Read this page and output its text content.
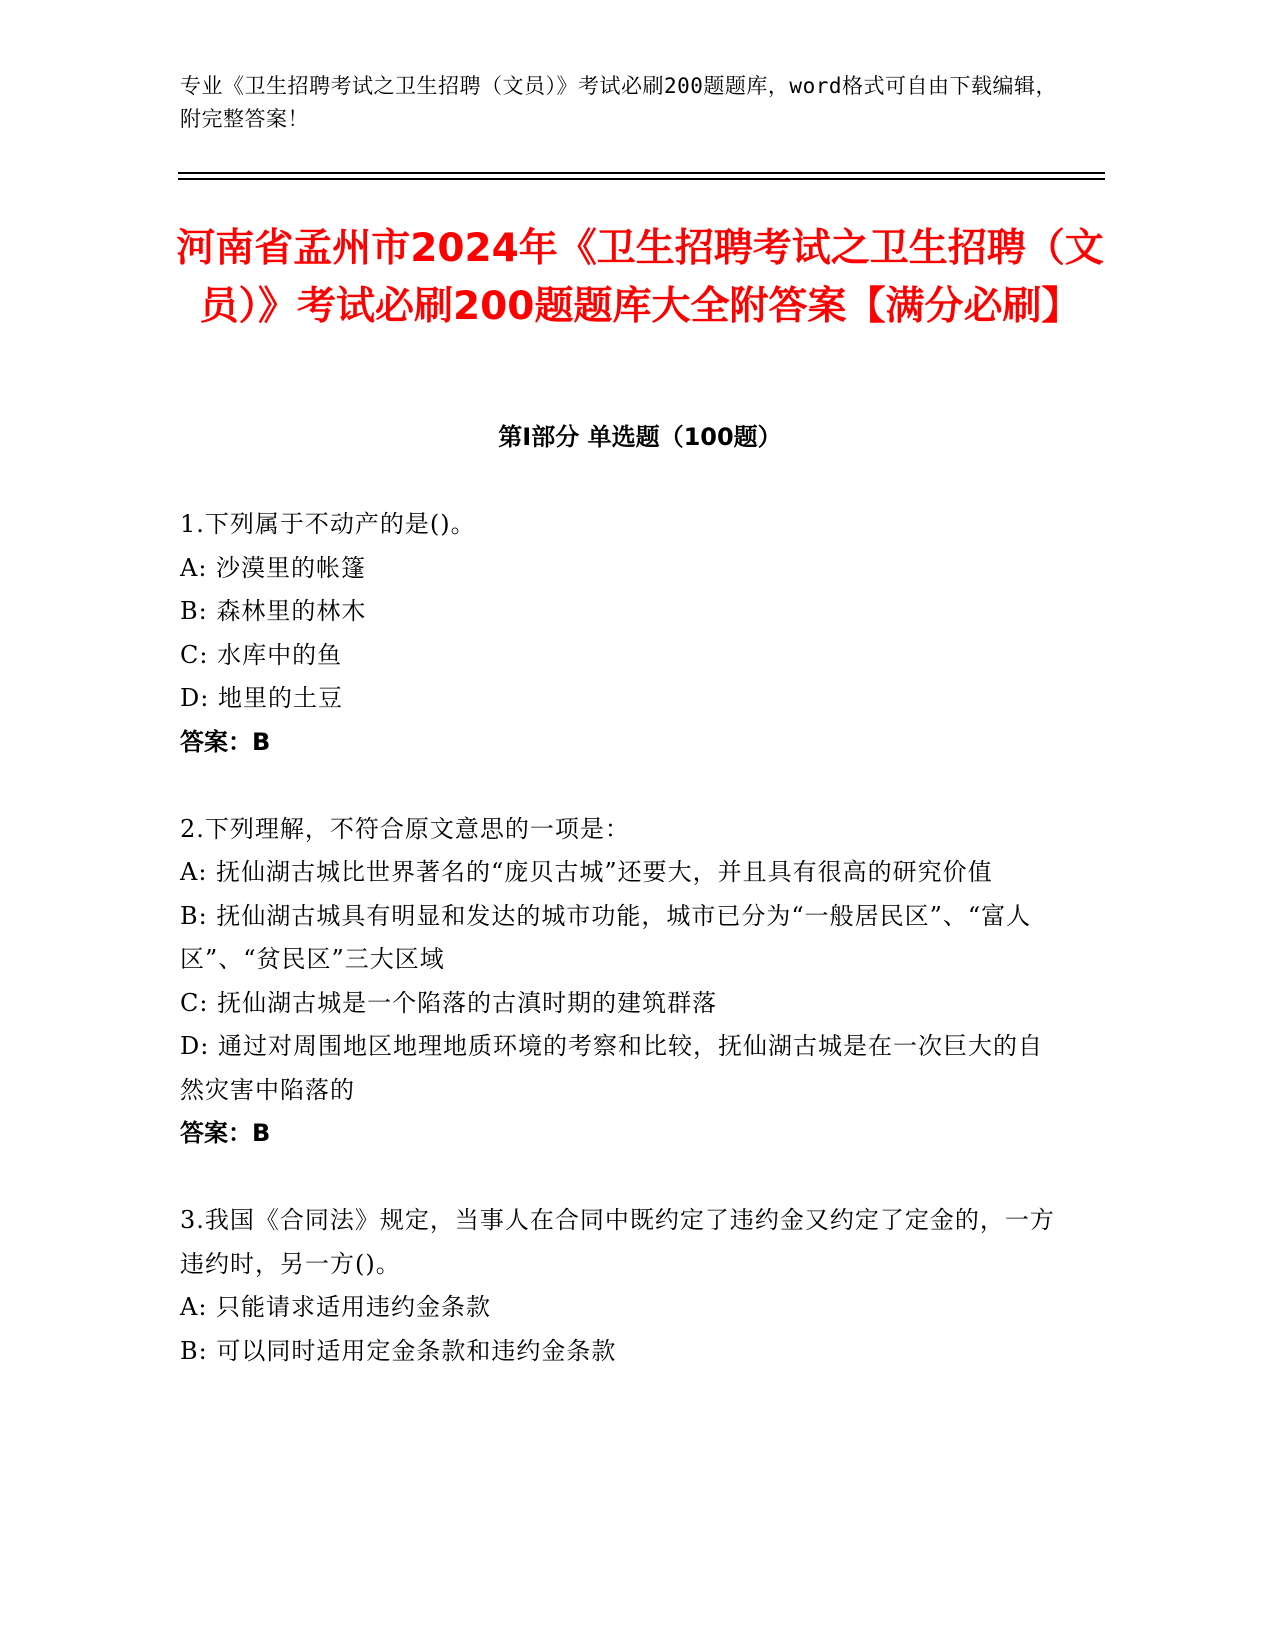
专业《卫生招聘考试之卫生招聘（文员）》考试必刷200题题库，word格式可自由下载编辑，附完整答案！

河南省孟州市2024年《卫生招聘考试之卫生招聘（文员）》考试必刷200题题库大全附答案【满分必刷】
第I部分 单选题（100题）

1.下列属于不动产的是()。

A: 沙漠里的帐篷

B: 森林里的林木

C: 水库中的鱼

D: 地里的土豆

答案：B

2.下列理解，不符合原文意思的一项是：

A: 抚仙湖古城比世界著名的“庞贝古城”还要大，并且具有很高的研究价值

B: 抚仙湖古城具有明显和发达的城市功能，城市已分为“一般居民区”、“富人区”、“贫民区”三大区域

C: 抚仙湖古城是一个陷落的古滇时期的建筑群落

D: 通过对周围地区地理地质环境的考察和比较，抚仙湖古城是在一次巨大的自然灾害中陷落的

答案：B

3.我国《合同法》规定，当事人在合同中既约定了违约金又约定了定金的，一方违约时，另一方()。

A: 只能请求适用违约金条款

B: 可以同时适用定金条款和违约金条款
